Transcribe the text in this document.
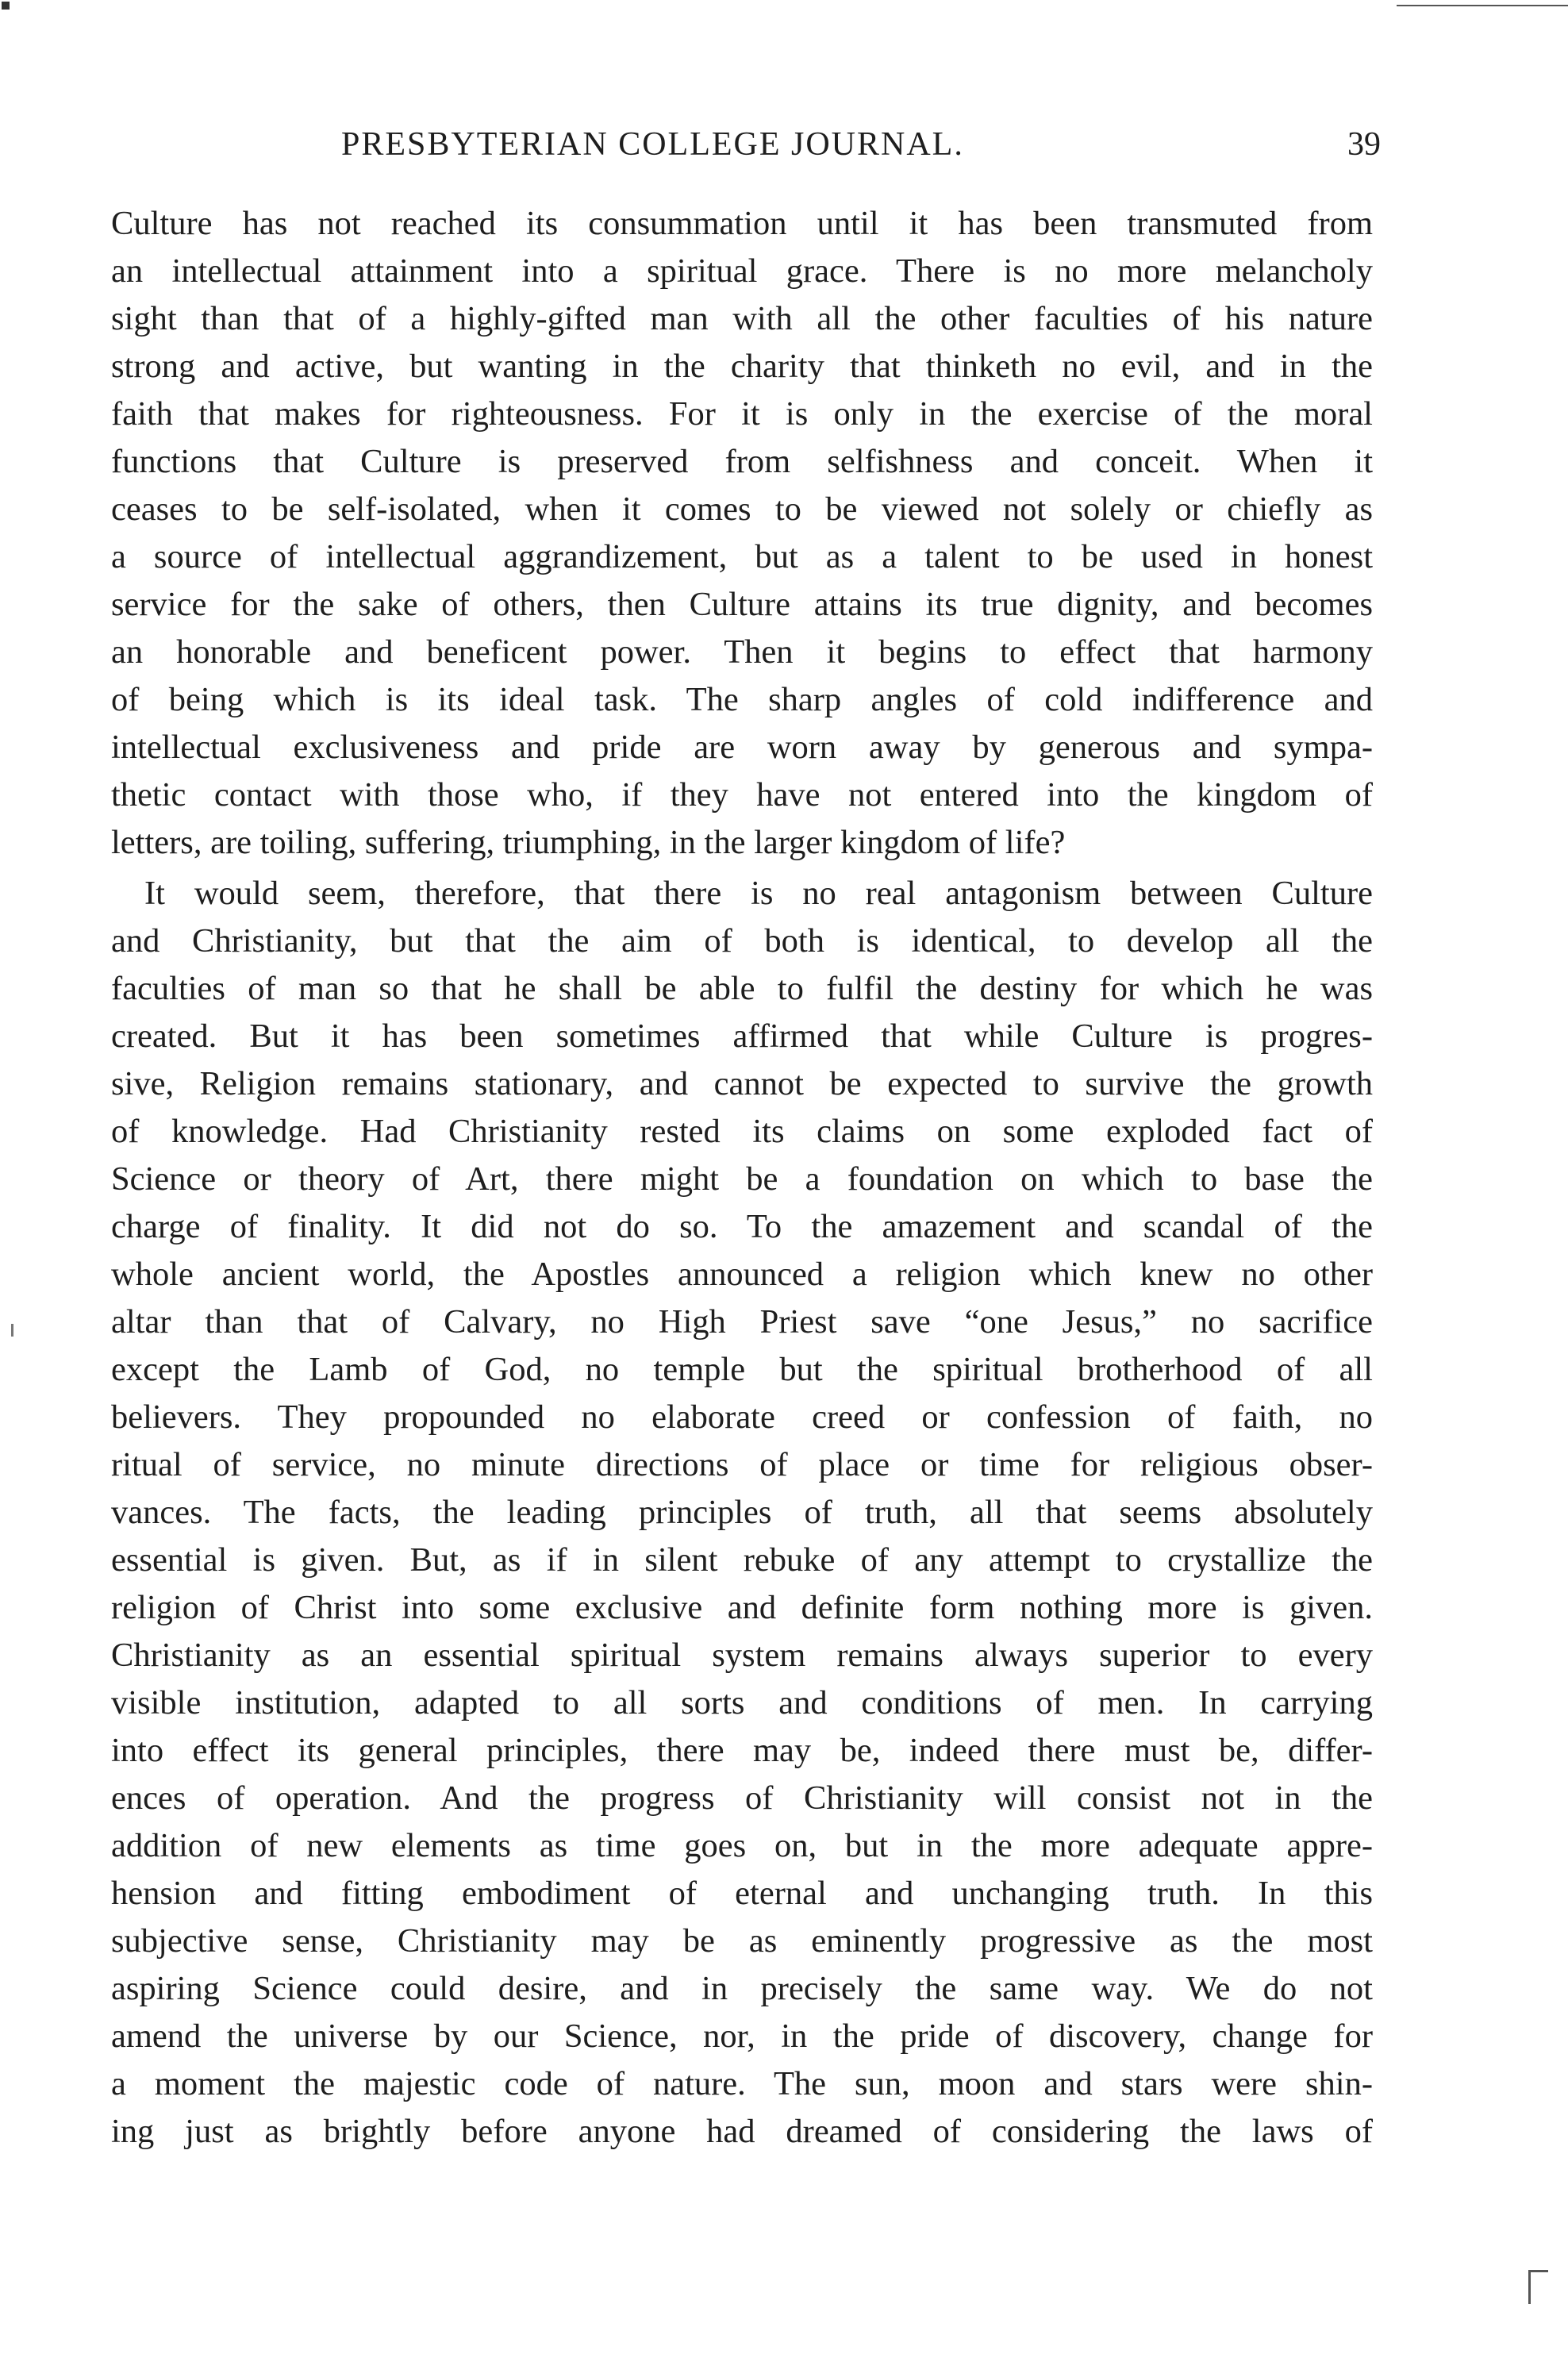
PRESBYTERIAN COLLEGE JOURNAL.	39
Culture has not reached its consummation until it has been transmuted from
an intellectual attainment into a spiritual grace. There is no more melancholy
sight than that of a highly-gifted man with all the other faculties of his nature
strong and active, but wanting in the charity that thinketh no evil, and in the
faith that makes for righteousness. For it is only in the exercise of the moral
functions that Culture is preserved from selfishness and conceit. When it
ceases to be self-isolated, when it comes to be viewed not solely or chiefly as
a source of intellectual aggrandizement, but as a talent to be used in honest
service for the sake of others, then Culture attains its true dignity, and becomes
an honorable and beneficent power. Then it begins to effect that harmony
of being which is its ideal task. The sharp angles of cold indifference and
intellectual exclusiveness and pride are worn away by generous and sympa-
thetic contact with those who, if they have not entered into the kingdom of
letters, are toiling, suffering, triumphing, in the larger kingdom of life?
It would seem, therefore, that there is no real antagonism between Culture
and Christianity, but that the aim of both is identical, to develop all the
faculties of man so that he shall be able to fulfil the destiny for which he was
created. But it has been sometimes affirmed that while Culture is progres-
sive, Religion remains stationary, and cannot be expected to survive the growth
of knowledge. Had Christianity rested its claims on some exploded fact of
Science or theory of Art, there might be a foundation on which to base the
charge of finality. It did not do so. To the amazement and scandal of the
whole ancient world, the Apostles announced a religion which knew no other
altar than that of Calvary, no High Priest save “one Jesus,” no sacrifice
except the Lamb of God, no temple but the spiritual brotherhood of all
believers. They propounded no elaborate creed or confession of faith, no
ritual of service, no minute directions of place or time for religious obser-
vances. The facts, the leading principles of truth, all that seems absolutely
essential is given. But, as if in silent rebuke of any attempt to crystallize the
religion of Christ into some exclusive and definite form nothing more is given.
Christianity as an essential spiritual system remains always superior to every
visible institution, adapted to all sorts and conditions of men. In carrying
into effect its general principles, there may be, indeed there must be, differ-
ences of operation. And the progress of Christianity will consist not in the
addition of new elements as time goes on, but in the more adequate appre-
hension and fitting embodiment of eternal and unchanging truth. In this
subjective sense, Christianity may be as eminently progressive as the most
aspiring Science could desire, and in precisely the same way. We do not
amend the universe by our Science, nor, in the pride of discovery, change for
a moment the majestic code of nature. The sun, moon and stars were shin-
ing just as brightly before anyone had dreamed of considering the laws of
